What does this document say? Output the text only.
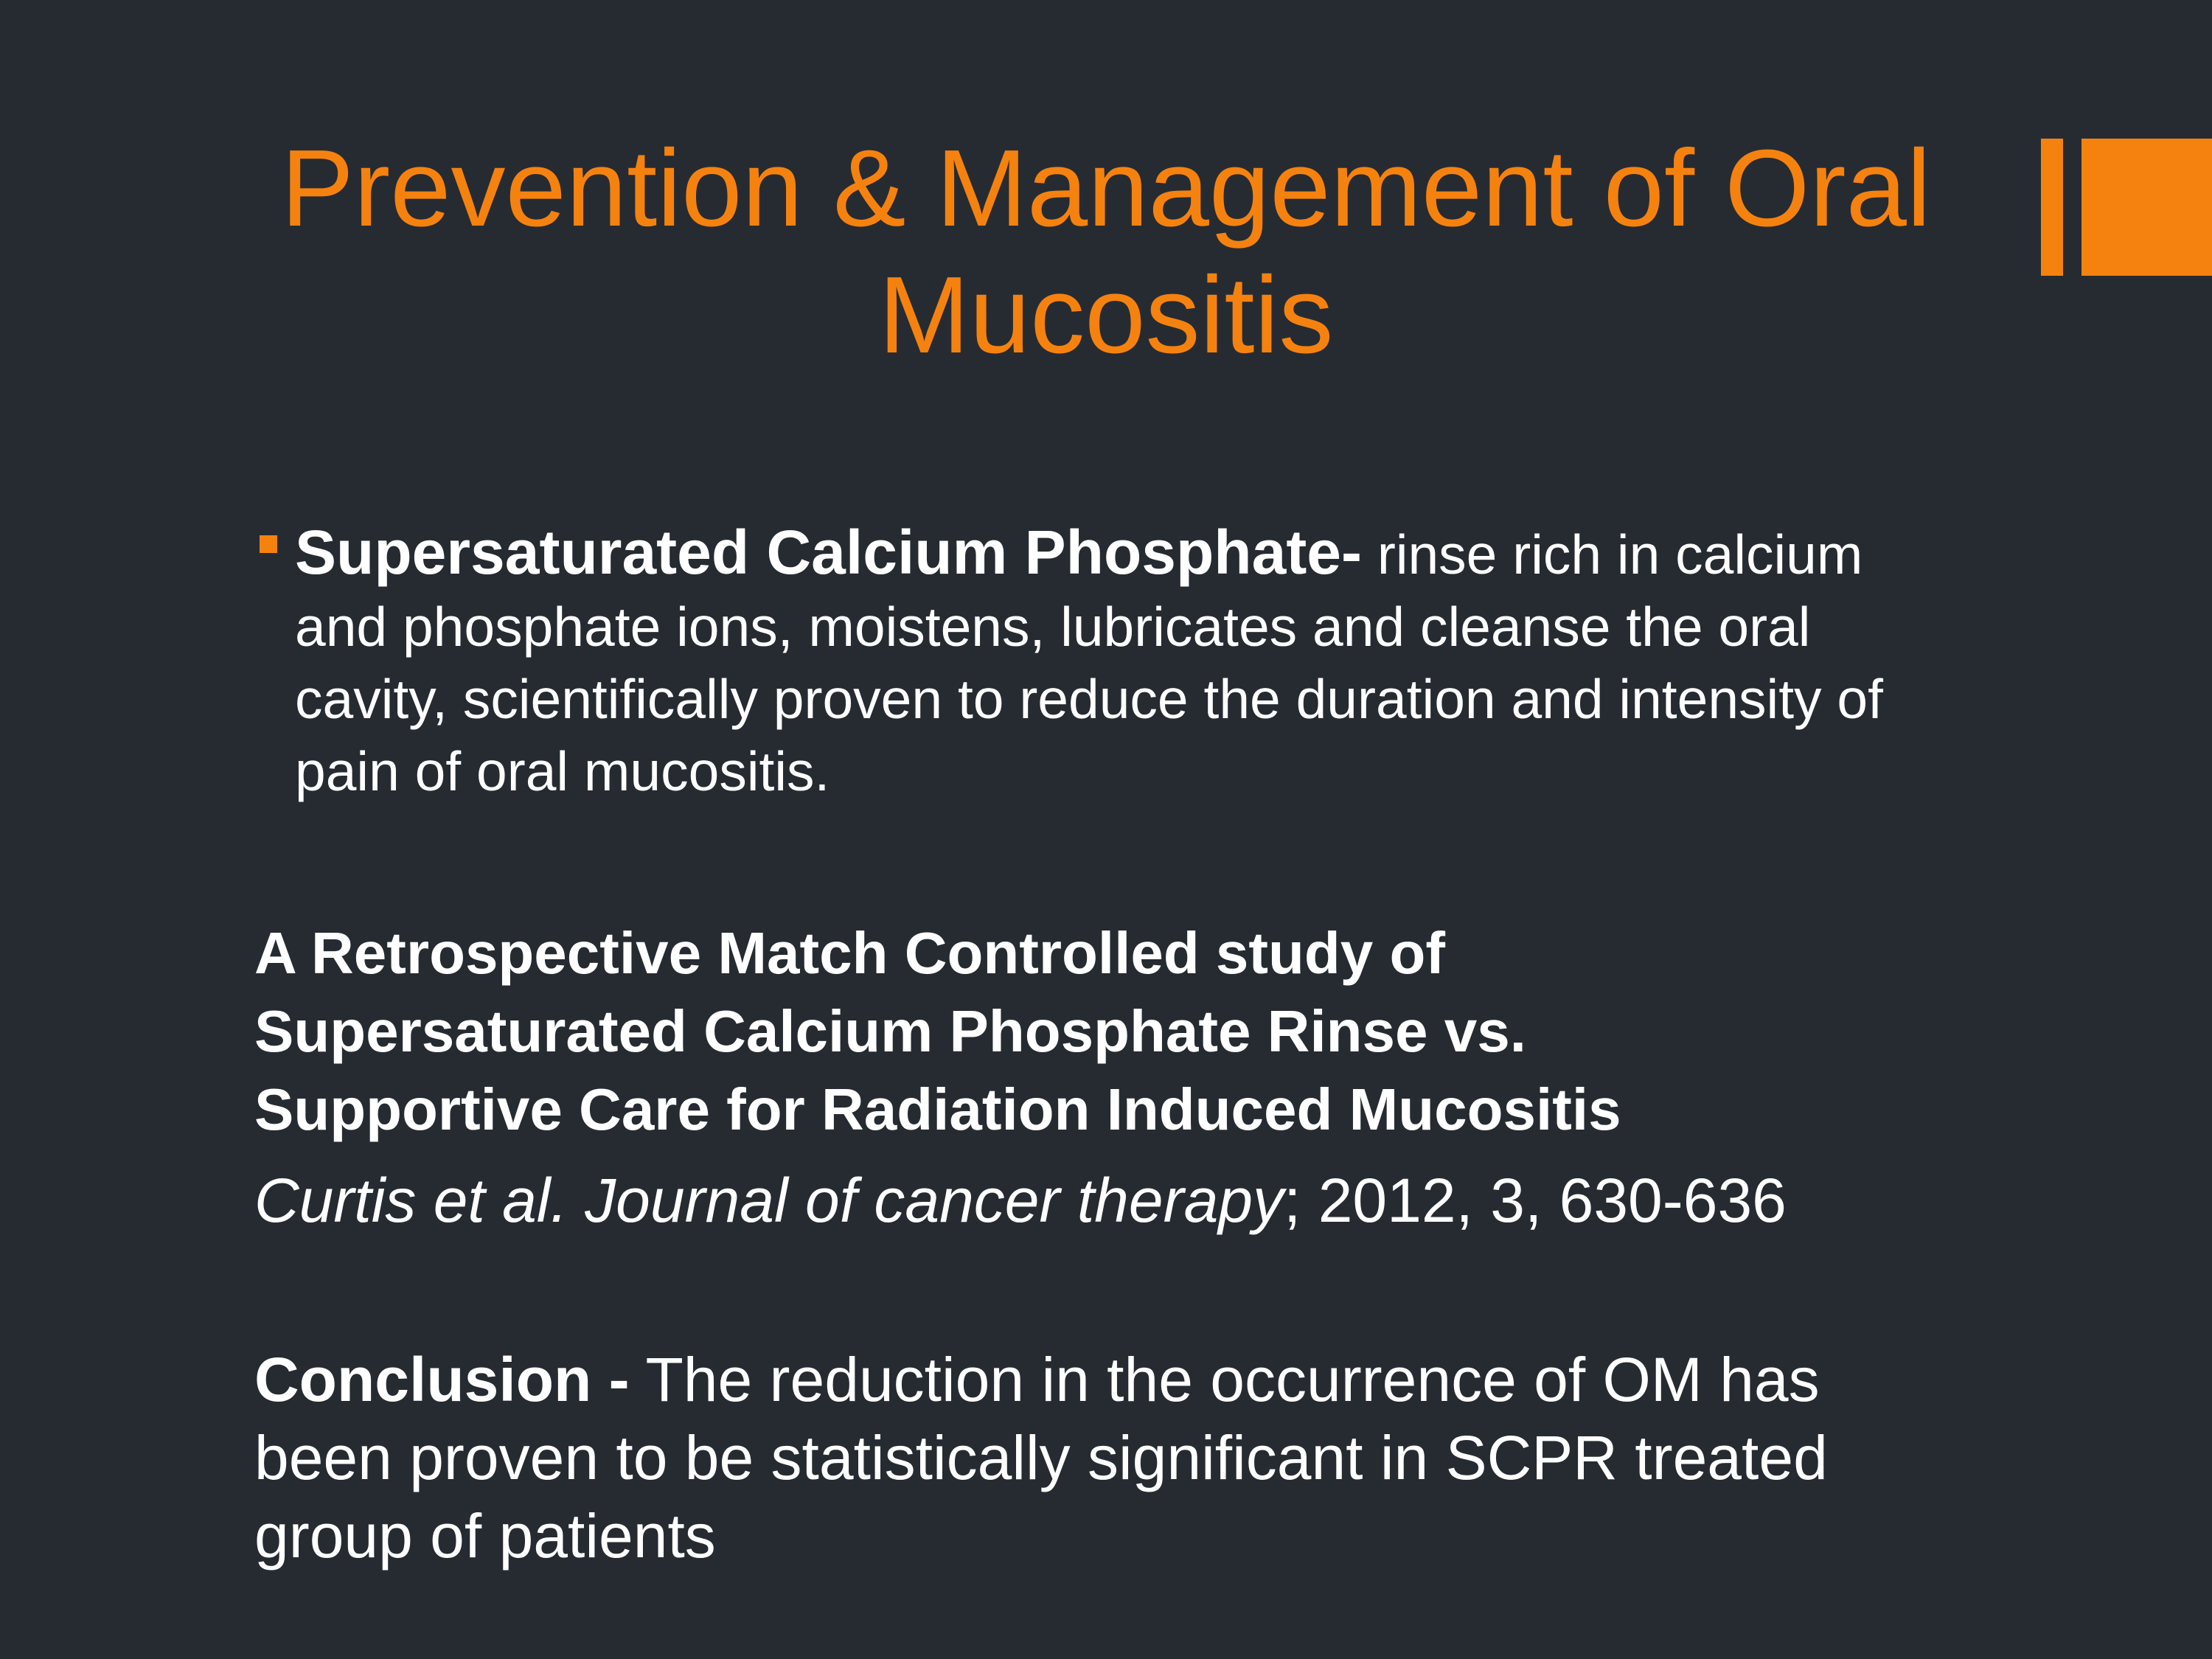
Prevention & Management of Oral
Mucositis
Supersaturated Calcium Phosphate- rinse rich in calcium and phosphate ions, moistens, lubricates and cleanse the oral cavity, scientifically proven to reduce the duration and intensity of pain of oral mucositis.
A Retrospective Match Controlled study of
Supersaturated Calcium Phosphate Rinse vs.
Supportive Care for Radiation Induced Mucositis
Curtis et al. Journal of cancer therapy; 2012, 3, 630-636
Conclusion - The reduction in the occurrence of OM has
been proven to be statistically significant in SCPR treated
group of patients
